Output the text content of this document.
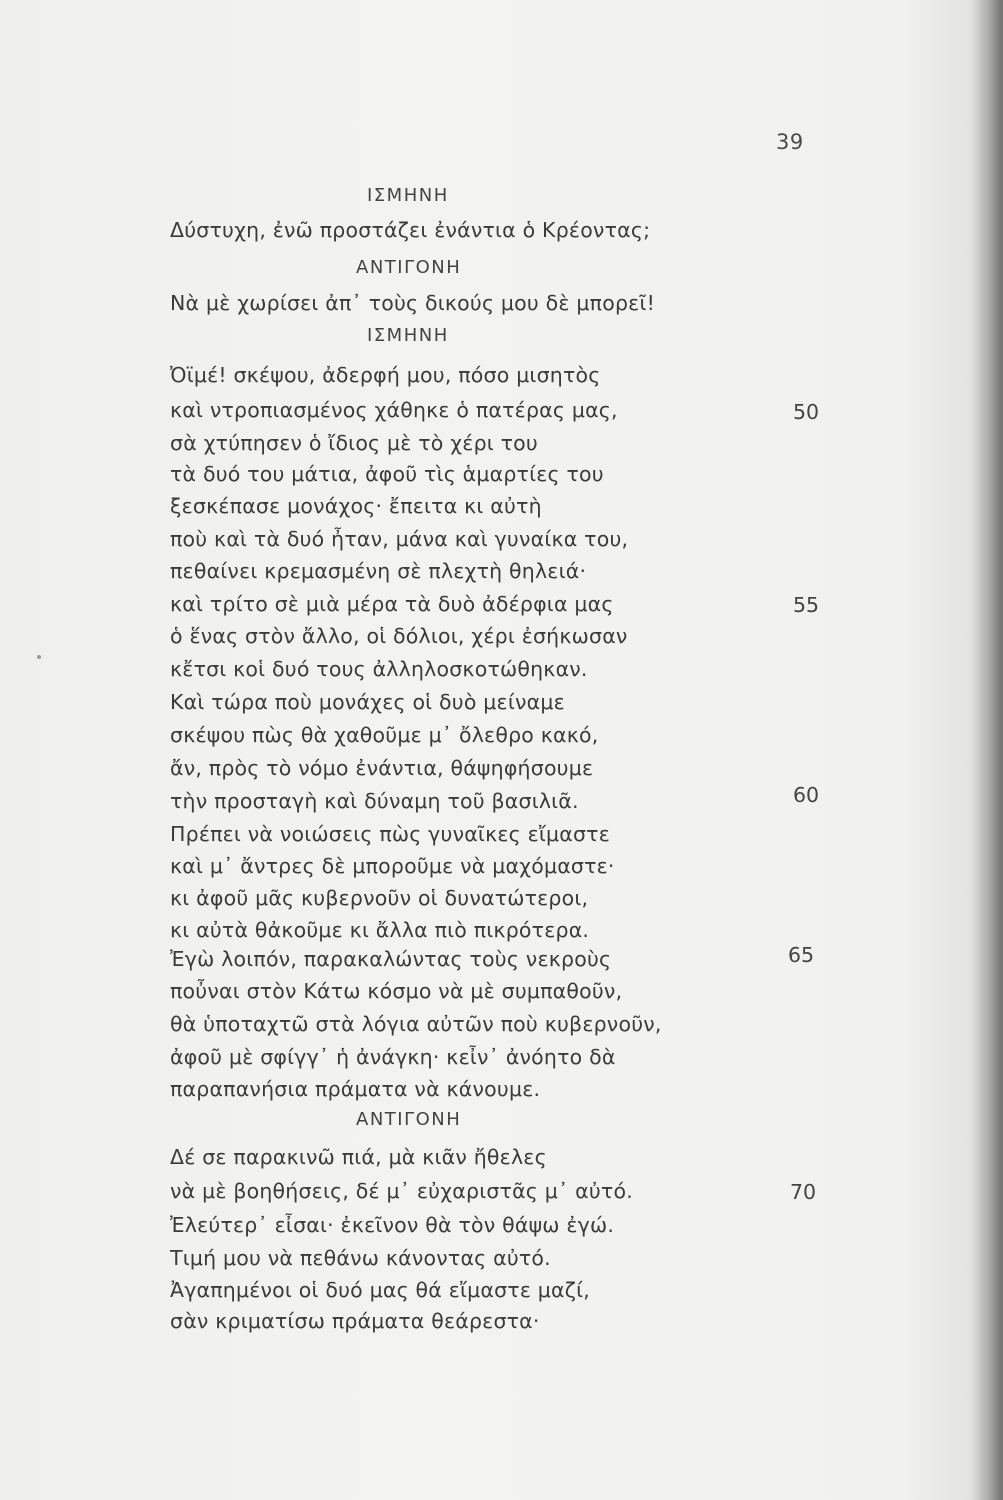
39
ΙΣΜΗΝΗ
Δύστυχη, ἐνῶ προστάζει ἐνάντια ὁ Κρέοντας;
ΑΝΤΙΓΟΝΗ
Νὰ μὲ χωρίσει ἀπ᾽ τοὺς δικούς μου δὲ μπορεῖ!
ΙΣΜΗΝΗ
Ὀϊμέ! σκέψου, ἀδερφή μου, πόσο μισητὸς
καὶ ντροπιασμένος χάθηκε ὁ πατέρας μας,	50
σὰ χτύπησεν ὁ ἴδιος μὲ τὸ χέρι του
τὰ δυό του μάτια, ἀφοῦ τὶς ἁμαρτίες του
ξεσκέπασε μονάχος· ἔπειτα κι αὐτὴ
ποὺ καὶ τὰ δυό ἦταν, μάνα καὶ γυναίκα του,
πεθαίνει κρεμασμένη σὲ πλεχτὴ θηλειά·
καὶ τρίτο σὲ μιὰ μέρα τὰ δυὸ ἀδέρφια μας	55
ὁ ἕνας στὸν ἄλλο, οἱ δόλιοι, χέρι ἐσήκωσαν
κἔτσι κοἱ δυό τους ἀλληλοσκοτώθηκαν.
Καὶ τώρα ποὺ μονάχες οἱ δυὸ μείναμε
σκέψου πὼς θὰ χαθοῦμε μ᾽ ὄλεθρο κακό,
ἄν, πρὸς τὸ νόμο ἐνάντια, θάψηφήσουμε
τὴν προσταγὴ καὶ δύναμη τοῦ βασιλιᾶ.	60
Πρέπει νὰ νοιώσεις πὼς γυναῖκες εἴμαστε
καὶ μ᾽ ἄντρες δὲ μποροῦμε νὰ μαχόμαστε·
κι ἀφοῦ μᾶς κυβερνοῦν οἱ δυνατώτεροι,
κι αὐτὰ θἀκοῦμε κι ἄλλα πιὸ πικρότερα.
Ἐγὼ λοιπόν, παρακαλώντας τοὺς νεκροὺς	65
ποὖναι στὸν Κάτω κόσμο νὰ μὲ συμπαθοῦν,
θὰ ὑποταχτῶ στὰ λόγια αὐτῶν ποὺ κυβερνοῦν,
ἀφοῦ μὲ σφίγγ᾽ ἡ ἀνάγκη· κεἶν᾽ ἀνόητο δὰ
παραπανήσια πράματα νὰ κάνουμε.
ΑΝΤΙΓΟΝΗ
Δέ σε παρακινῶ πιά, μὰ κιᾶν ἤθελες
νὰ μὲ βοηθήσεις, δέ μ᾽ εὐχαριστᾶς μ᾽ αὐτό.	70
Ἐλεύτερ᾽ εἶσαι· ἐκεῖνον θὰ τὸν θάψω ἐγώ.
Τιμή μου νὰ πεθάνω κάνοντας αὐτό.
Ἀγαπημένοι οἱ δυό μας θά εἴμαστε μαζί,
σὰν κριματίσω πράματα θεάρεστα·
